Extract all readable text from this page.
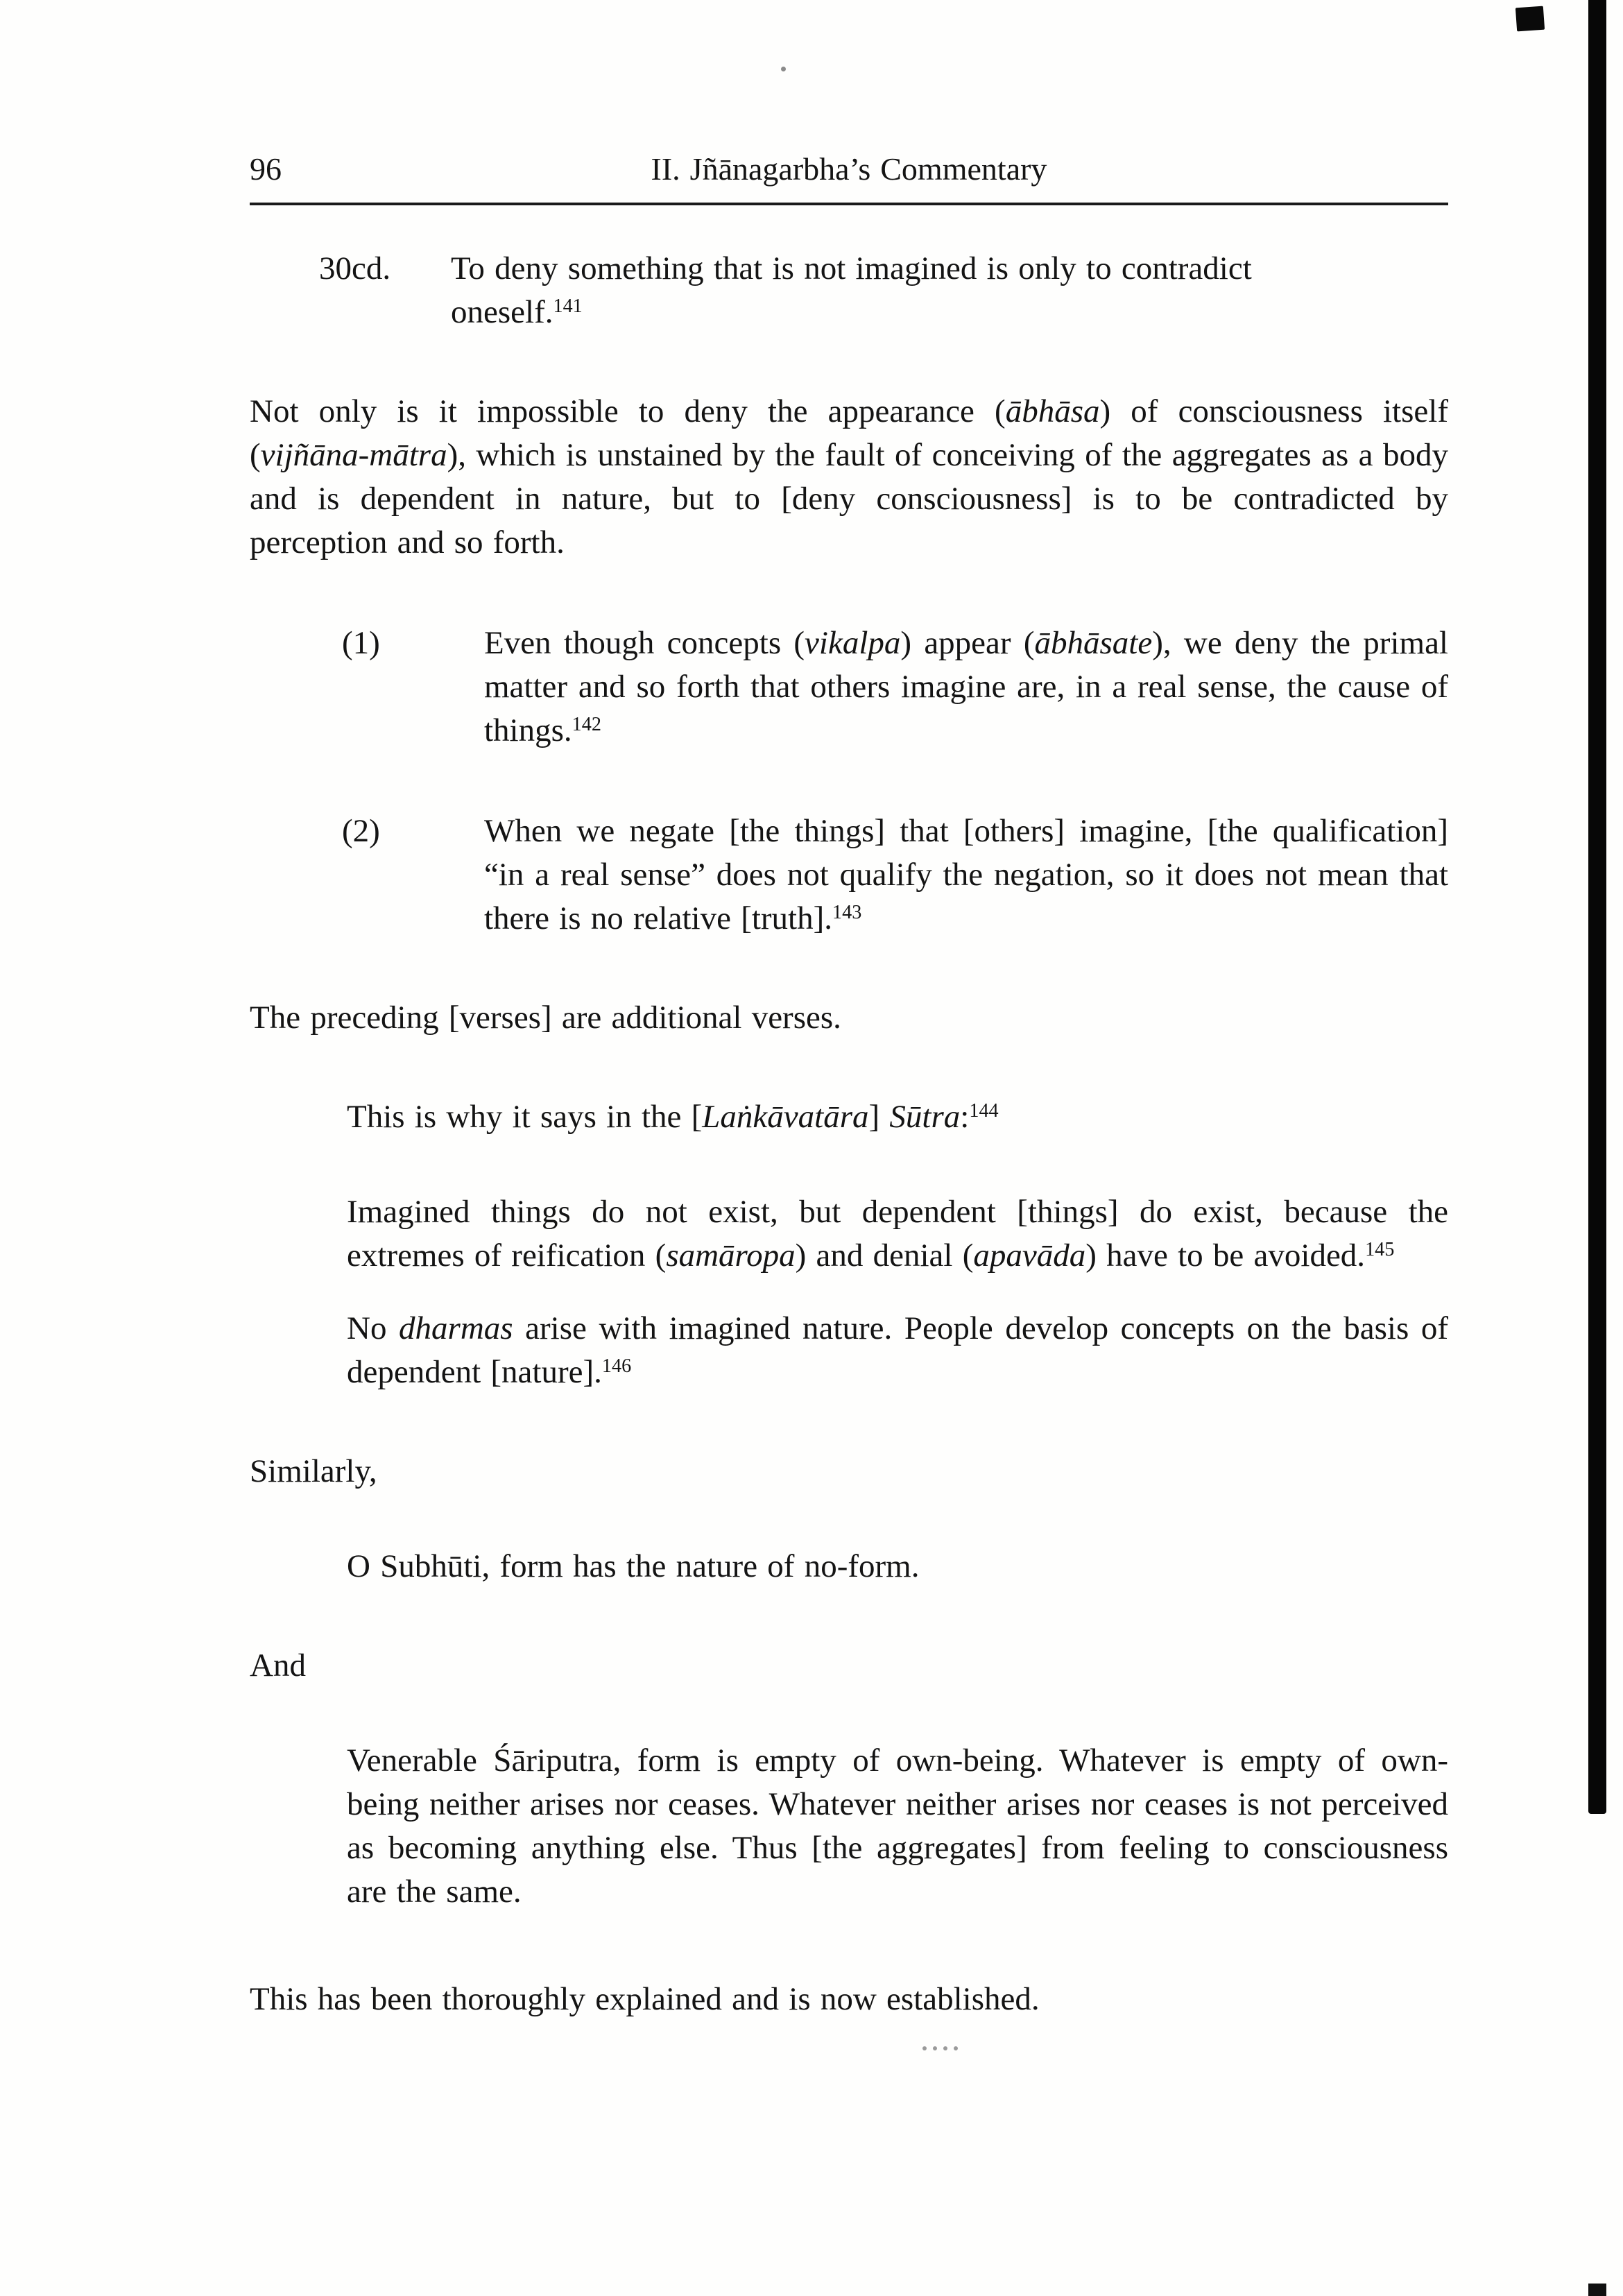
96	II. Jñānagarbha’s Commentary
30cd.	To deny something that is not imagined is only to contradict oneself.$^{141}$

Not only is it impossible to deny the appearance (ābhāsa) of consciousness itself (vijñāna-mātra), which is unstained by the fault of conceiving of the aggregates as a body and is dependent in nature, but to [deny consciousness] is to be contradicted by perception and so forth.

(1)	Even though concepts (vikalpa) appear (ābhāsate), we deny the primal matter and so forth that others imagine are, in a real sense, the cause of things.$^{142}$
(2)	When we negate [the things] that [others] imagine, [the qualification] “in a real sense” does not qualify the negation, so it does not mean that there is no relative [truth].$^{143}$

The preceding [verses] are additional verses.

This is why it says in the [Laṅkāvatāra] Sūtra:$^{144}$

Imagined things do not exist, but dependent [things] do exist, because the extremes of reification (samāropa) and denial (apavāda) have to be avoided.$^{145}$

No dharmas arise with imagined nature. People develop concepts on the basis of dependent [nature].$^{146}$

Similarly,

O Subhūti, form has the nature of no-form.

And

Venerable Śāriputra, form is empty of own-being. Whatever is empty of own-being neither arises nor ceases. Whatever neither arises nor ceases is not perceived as becoming anything else. Thus [the aggregates] from feeling to consciousness are the same.

This has been thoroughly explained and is now established.
